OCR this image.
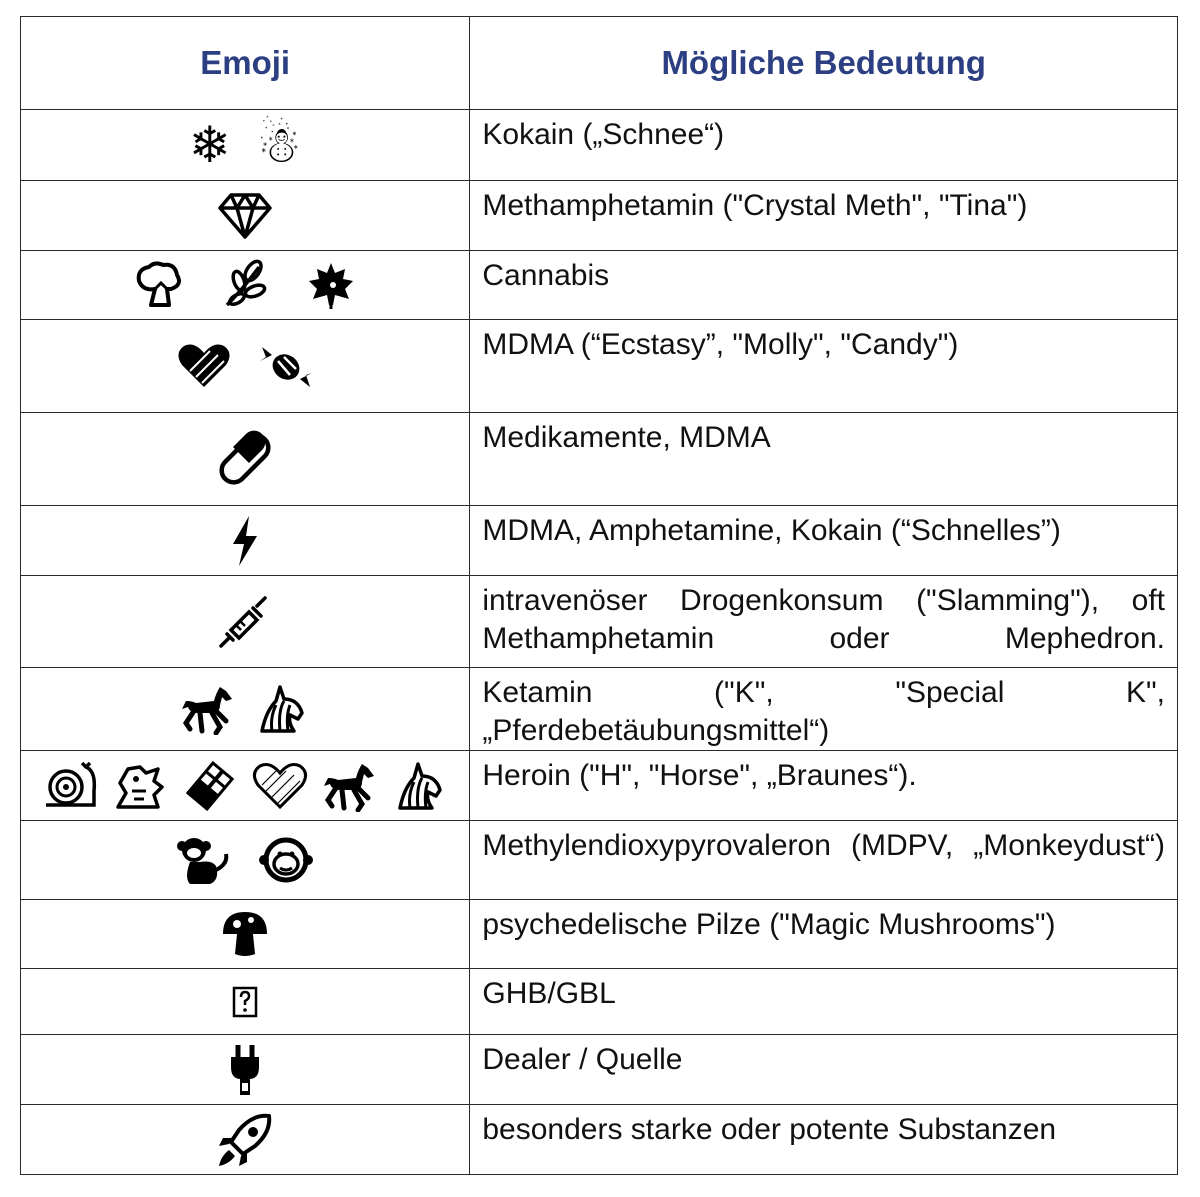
Emoji	Mögliche Bedeutung

❄ ☃	Kokain („Schnee“)

	Methamphetamin ("Crystal Meth", "Tina")

	Cannabis

	MDMA (“Ecstasy”, "Molly", "Candy")

	Medikamente, MDMA

	MDMA, Amphetamine, Kokain (“Schnelles”)

	intravenöser Drogenkonsum ("Slamming"), oft Methamphetamin oder Mephedron.

	Ketamin ("K", "Special K", „Pferdebetäubungsmittel“)

	Heroin ("H", "Horse", „Braunes“).

	Methylendioxypyrovaleron (MDPV, „Monkeydust“)

	psychedelische Pilze ("Magic Mushrooms")

	GHB/GBL

	Dealer / Quelle

	besonders starke oder potente Substanzen
